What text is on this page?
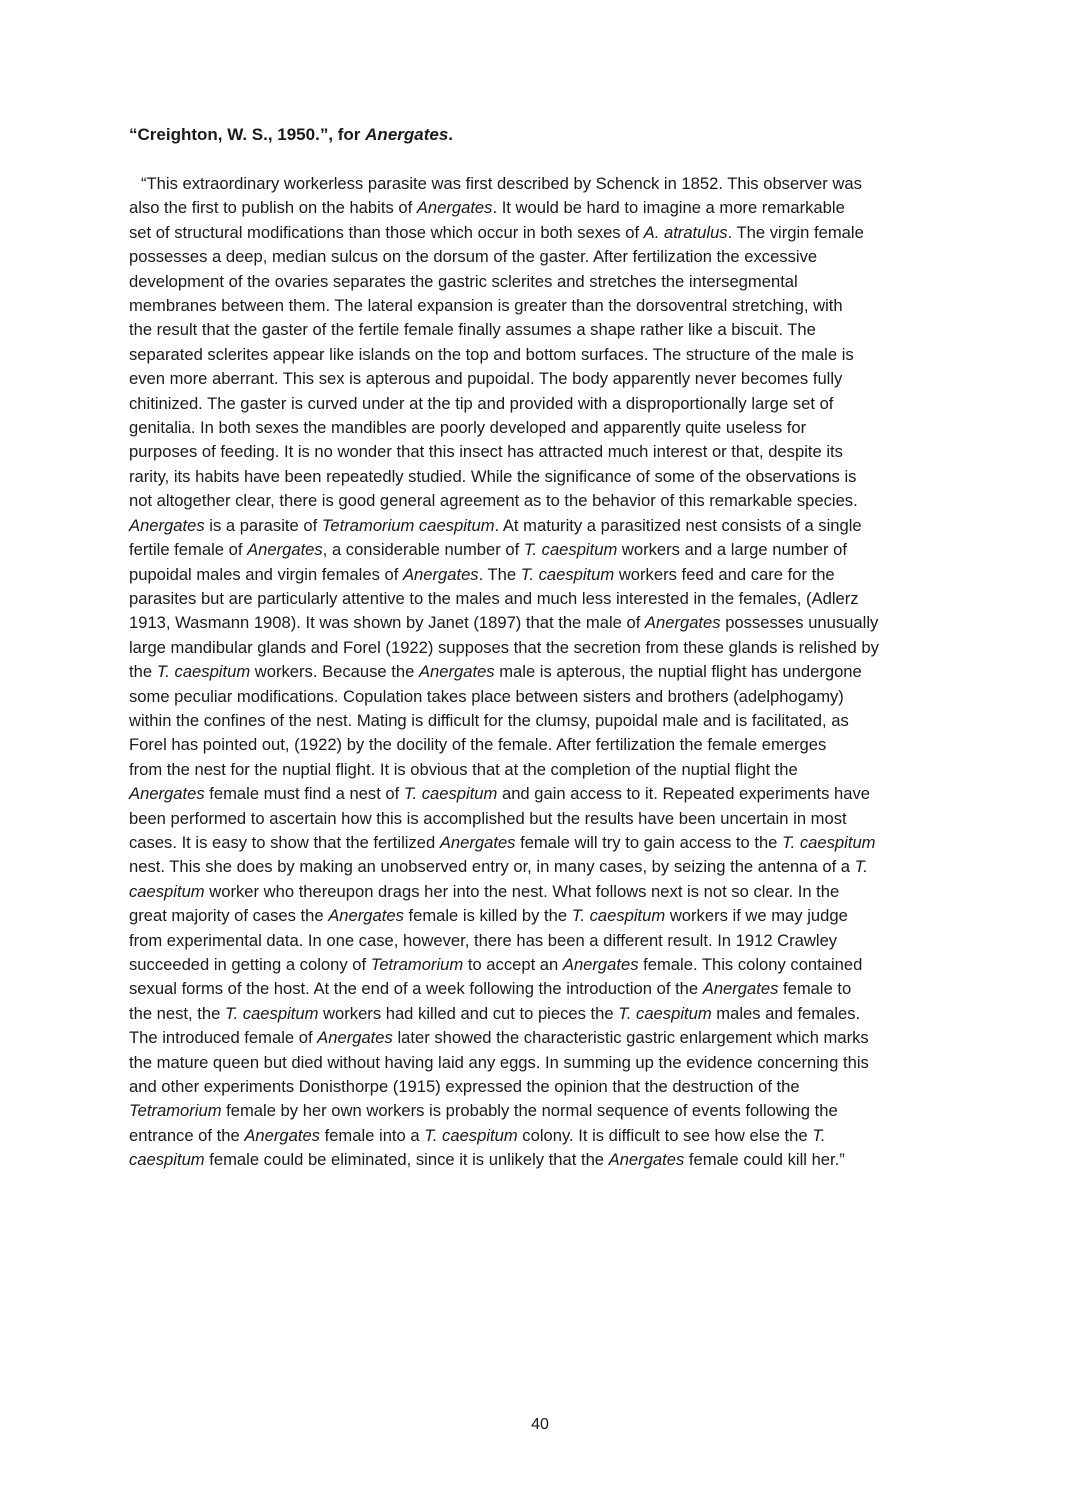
“Creighton, W. S., 1950.”, for Anergates.
“This extraordinary workerless parasite was first described by Schenck in 1852. This observer was
also the first to publish on the habits of Anergates. It would be hard to imagine a more remarkable
set of structural modifications than those which occur in both sexes of A. atratulus. The virgin female
possesses a deep, median sulcus on the dorsum of the gaster. After fertilization the excessive
development of the ovaries separates the gastric sclerites and stretches the intersegmental
membranes between them. The lateral expansion is greater than the dorsoventral stretching, with
the result that the gaster of the fertile female finally assumes a shape rather like a biscuit. The
separated sclerites appear like islands on the top and bottom surfaces. The structure of the male is
even more aberrant. This sex is apterous and pupoidal. The body apparently never becomes fully
chitinized. The gaster is curved under at the tip and provided with a disproportionally large set of
genitalia. In both sexes the mandibles are poorly developed and apparently quite useless for
purposes of feeding. It is no wonder that this insect has attracted much interest or that, despite its
rarity, its habits have been repeatedly studied. While the significance of some of the observations is
not altogether clear, there is good general agreement as to the behavior of this remarkable species.
Anergates is a parasite of Tetramorium caespitum. At maturity a parasitized nest consists of a single
fertile female of Anergates, a considerable number of T. caespitum workers and a large number of
pupoidal males and virgin females of Anergates. The T. caespitum workers feed and care for the
parasites but are particularly attentive to the males and much less interested in the females, (Adlerz
1913, Wasmann 1908). It was shown by Janet (1897) that the male of Anergates possesses unusually
large mandibular glands and Forel (1922) supposes that the secretion from these glands is relished by
the T. caespitum workers. Because the Anergates male is apterous, the nuptial flight has undergone
some peculiar modifications. Copulation takes place between sisters and brothers (adelphogamy)
within the confines of the nest. Mating is difficult for the clumsy, pupoidal male and is facilitated, as
Forel has pointed out, (1922) by the docility of the female. After fertilization the female emerges
from the nest for the nuptial flight. It is obvious that at the completion of the nuptial flight the
Anergates female must find a nest of T. caespitum and gain access to it. Repeated experiments have
been performed to ascertain how this is accomplished but the results have been uncertain in most
cases. It is easy to show that the fertilized Anergates female will try to gain access to the T. caespitum
nest. This she does by making an unobserved entry or, in many cases, by seizing the antenna of a T.
caespitum worker who thereupon drags her into the nest. What follows next is not so clear. In the
great majority of cases the Anergates female is killed by the T. caespitum workers if we may judge
from experimental data. In one case, however, there has been a different result. In 1912 Crawley
succeeded in getting a colony of Tetramorium to accept an Anergates female. This colony contained
sexual forms of the host. At the end of a week following the introduction of the Anergates female to
the nest, the T. caespitum workers had killed and cut to pieces the T. caespitum males and females.
The introduced female of Anergates later showed the characteristic gastric enlargement which marks
the mature queen but died without having laid any eggs. In summing up the evidence concerning this
and other experiments Donisthorpe (1915) expressed the opinion that the destruction of the
Tetramorium female by her own workers is probably the normal sequence of events following the
entrance of the Anergates female into a T. caespitum colony. It is difficult to see how else the T.
caespitum female could be eliminated, since it is unlikely that the Anergates female could kill her.”
40
